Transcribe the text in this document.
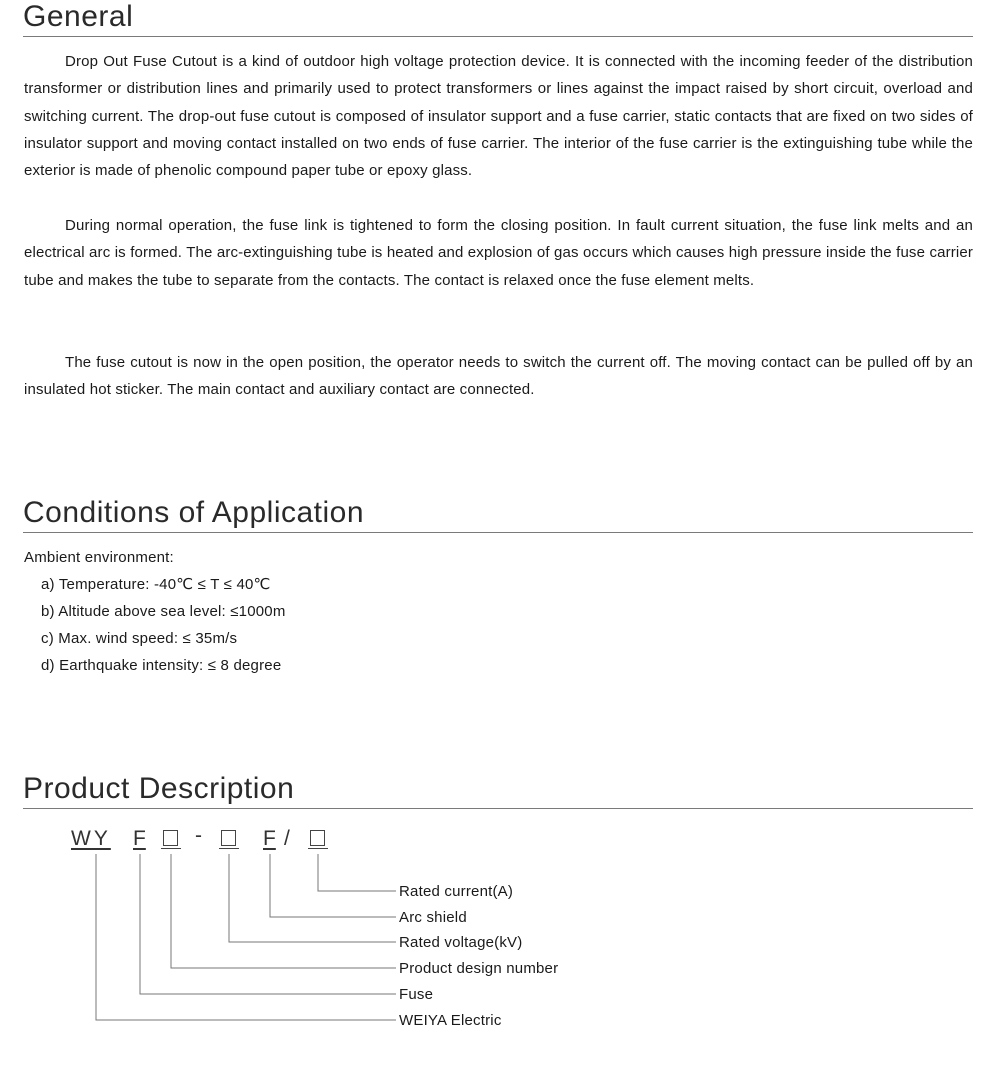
General

Drop Out Fuse Cutout is a kind of outdoor high voltage protection device. It is connected with the incoming feeder of the distribution transformer or distribution lines and primarily used to protect transformers or lines against the impact raised by short circuit, overload and switching current. The drop-out fuse cutout is composed of insulator support and a fuse carrier, static contacts that are fixed on two sides of insulator support and moving contact installed on two ends of fuse carrier. The interior of the fuse carrier is the extinguishing tube while the exterior is made of phenolic compound paper tube or epoxy glass.

During normal operation, the fuse link is tightened to form the closing position. In fault current situation, the fuse link melts and an electrical arc is formed. The arc-extinguishing tube is heated and explosion of gas occurs which causes high pressure inside the fuse carrier tube and makes the tube to separate from the contacts. The contact is relaxed once the fuse element melts.

The fuse cutout is now in the open position, the operator needs to switch the current off. The moving contact can be pulled off by an insulated hot sticker. The main contact and auxiliary contact are connected.

Conditions of Application

Ambient environment:

a) Temperature: -40℃ ≤ T ≤ 40℃

b) Altitude above sea level: ≤1000m

c) Max. wind speed: ≤ 35m/s

d) Earthquake intensity: ≤ 8 degree

Product Description
WY F -	F /
Rated current(A)
Arc shield
Rated voltage(kV)
Product design number
Fuse
WEIYA Electric
